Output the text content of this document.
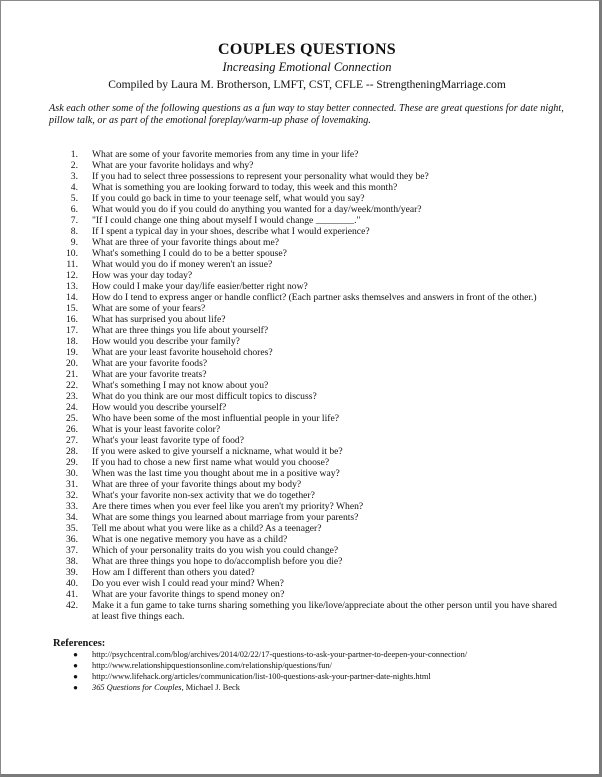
COUPLES QUESTIONS
Increasing Emotional Connection
Compiled by Laura M. Brotherson, LMFT, CST, CFLE -- StrengtheningMarriage.com

Ask each other some of the following questions as a fun way to stay better connected. These are great questions for date night, pillow talk, or as part of the emotional foreplay/warm-up phase of lovemaking.

1.	What are some of your favorite memories from any time in your life?
2.	What are your favorite holidays and why?
3.	If you had to select three possessions to represent your personality what would they be?
4.	What is something you are looking forward to today, this week and this month?
5.	If you could go back in time to your teenage self, what would you say?
6.	What would you do if you could do anything you wanted for a day/week/month/year?
7.	"If I could change one thing about myself I would change ________."
8.	If I spent a typical day in your shoes, describe what I would experience?
9.	What are three of your favorite things about me?
10.	What's something I could do to be a better spouse?
11.	What would you do if money weren't an issue?
12.	How was your day today?
13.	How could I make your day/life easier/better right now?
14.	How do I tend to express anger or handle conflict? (Each partner asks themselves and answers in front of the other.)
15.	What are some of your fears?
16.	What has surprised you about life?
17.	What are three things you life about yourself?
18.	How would you describe your family?
19.	What are your least favorite household chores?
20.	What are your favorite foods?
21.	What are your favorite treats?
22.	What's something I may not know about you?
23.	What do you think are our most difficult topics to discuss?
24.	How would you describe yourself?
25.	Who have been some of the most influential people in your life?
26.	What is your least favorite color?
27.	What's your least favorite type of food?
28.	If you were asked to give yourself a nickname, what would it be?
29.	If you had to chose a new first name what would you choose?
30.	When was the last time you thought about me in a positive way?
31.	What are three of your favorite things about my body?
32.	What's your favorite non-sex activity that we do together?
33.	Are there times when you ever feel like you aren't my priority? When?
34.	What are some things you learned about marriage from your parents?
35.	Tell me about what you were like as a child? As a teenager?
36.	What is one negative memory you have as a child?
37.	Which of your personality traits do you wish you could change?
38.	What are three things you hope to do/accomplish before you die?
39.	How am I different than others you dated?
40.	Do you ever wish I could read your mind? When?
41.	What are your favorite things to spend money on?
42.	Make it a fun game to take turns sharing something you like/love/appreciate about the other person until you have shared at least five things each.
References:
●	http://psychcentral.com/blog/archives/2014/02/22/17-questions-to-ask-your-partner-to-deepen-your-connection/
●	http://www.relationshipquestionsonline.com/relationship/questions/fun/
●	http://www.lifehack.org/articles/communication/list-100-questions-ask-your-partner-date-nights.html
●	365 Questions for Couples, Michael J. Beck
